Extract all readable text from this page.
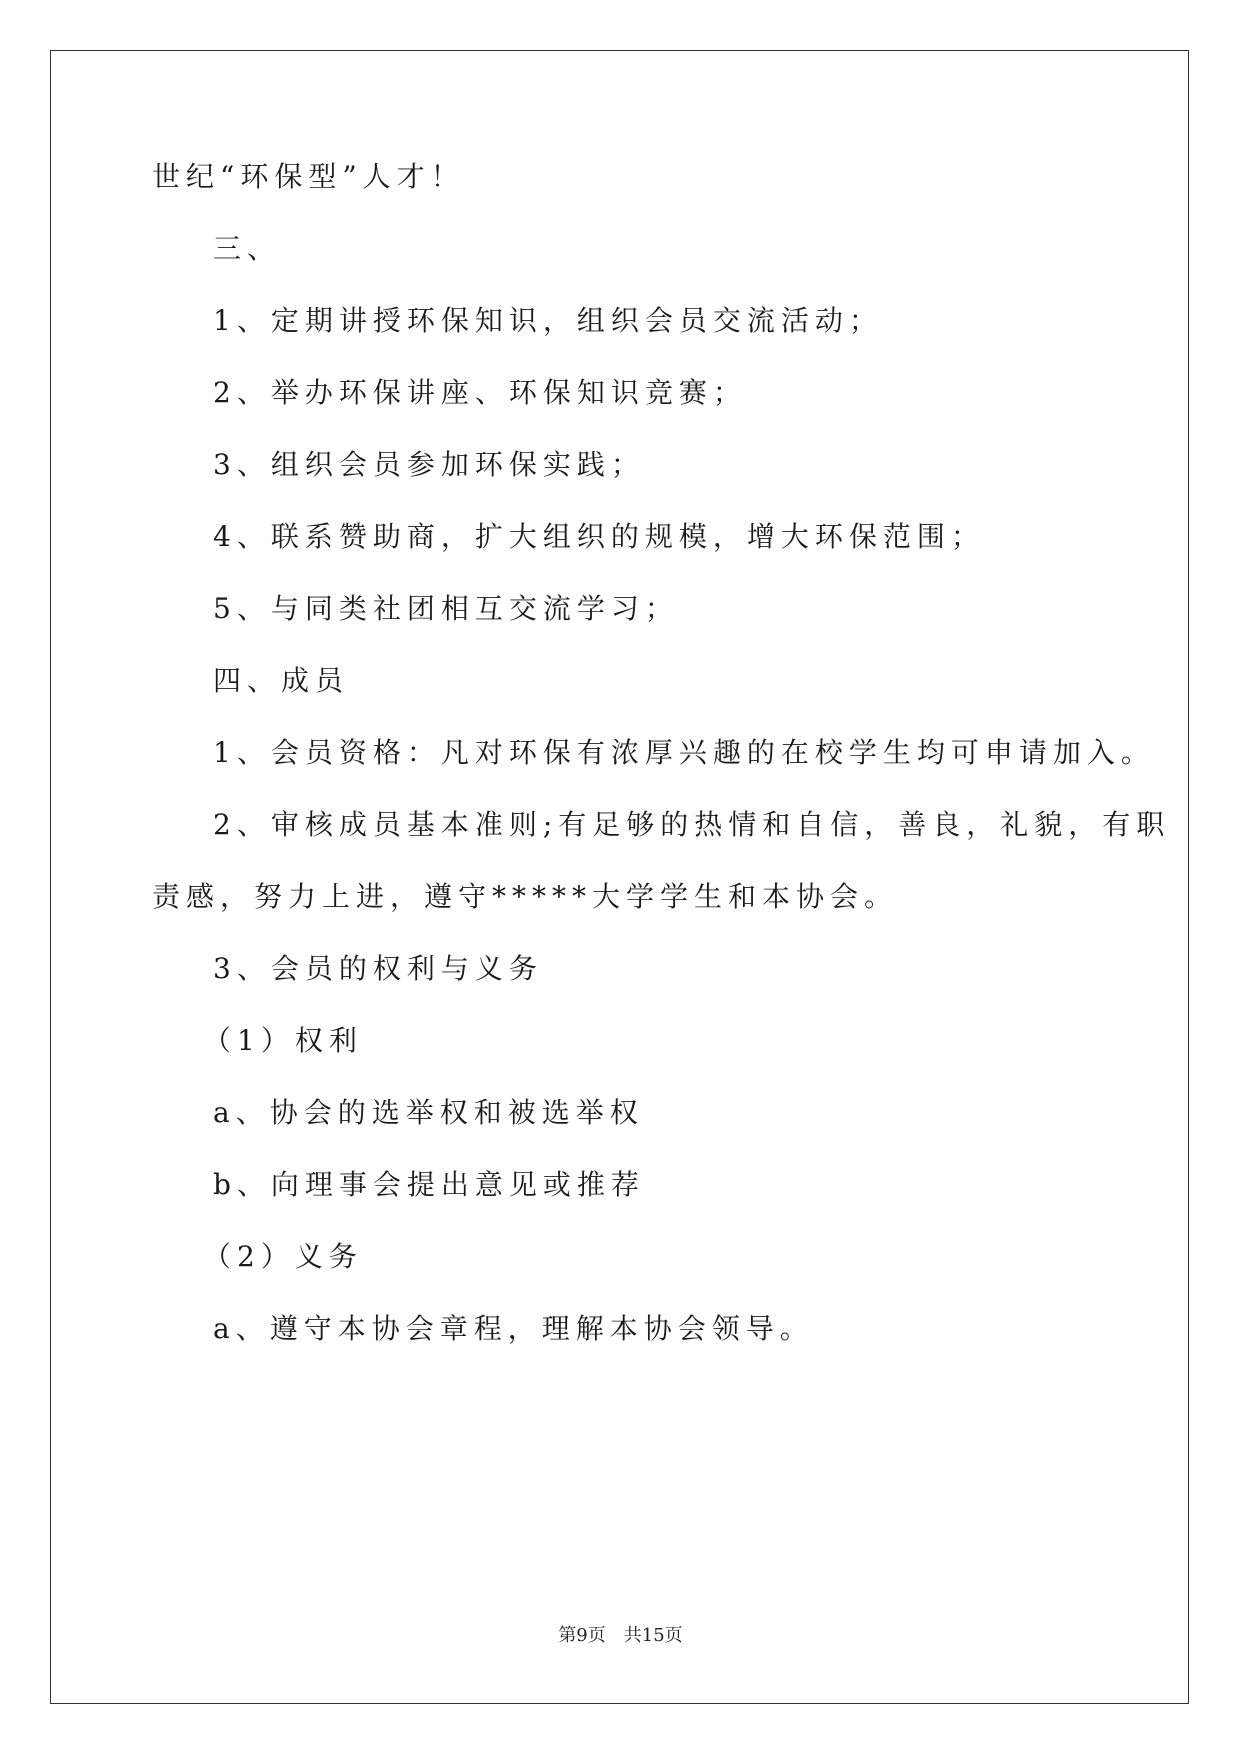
世纪“环保型”人才！

三、

1、定期讲授环保知识，组织会员交流活动；

2、举办环保讲座、环保知识竞赛；

3、组织会员参加环保实践；

4、联系赞助商，扩大组织的规模，增大环保范围；

5、与同类社团相互交流学习；

四、成员

1、会员资格：凡对环保有浓厚兴趣的在校学生均可申请加入。

2、审核成员基本准则;有足够的热情和自信，善良，礼貌，有职

责感，努力上进，遵守*****大学学生和本协会。

3、会员的权利与义务

（1）权利

a、协会的选举权和被选举权

b、向理事会提出意见或推荐

（2）义务

a、遵守本协会章程，理解本协会领导。

第9页 共15页
